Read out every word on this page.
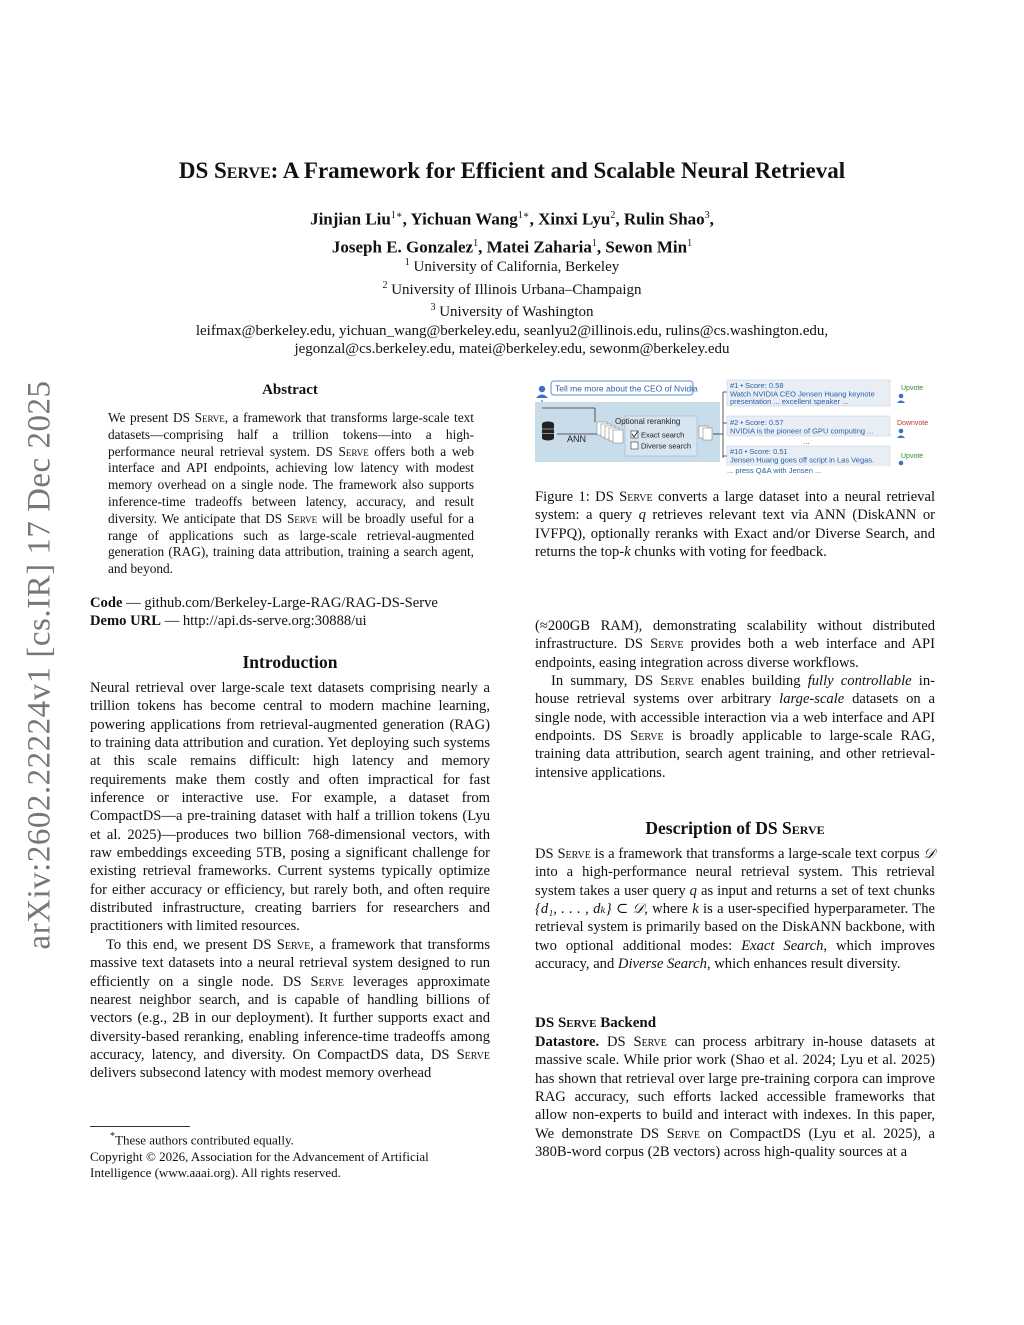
arXiv:2602.22224v1 [cs.IR] 17 Dec 2025
DS Serve: A Framework for Efficient and Scalable Neural Retrieval
Jinjian Liu$^{1∗}$, Yichuan Wang$^{1∗}$, Xinxi Lyu$^2$, Rulin Shao$^3$,
Joseph E. Gonzalez$^1$, Matei Zaharia$^1$, Sewon Min$^1$
$^1$ University of California, Berkeley
$^2$ University of Illinois Urbana–Champaign
$^3$ University of Washington
leifmax@berkeley.edu, yichuan_wang@berkeley.edu, seanlyu2@illinois.edu, rulins@cs.washington.edu,
jegonzal@cs.berkeley.edu, matei@berkeley.edu, sewonm@berkeley.edu
Abstract
We present DS Serve, a framework that transforms large-scale text datasets—comprising half a trillion tokens—into a high-performance neural retrieval system. DS Serve offers both a web interface and API endpoints, achieving low latency with modest memory overhead on a single node. The framework also supports inference-time tradeoffs between latency, accuracy, and result diversity. We anticipate that DS Serve will be broadly useful for a range of applications such as large-scale retrieval-augmented generation (RAG), training data attribution, training a search agent, and beyond.
Code — github.com/Berkeley-Large-RAG/RAG-DS-Serve
Demo URL — http://api.ds-serve.org:30888/ui
Introduction

Neural retrieval over large-scale text datasets comprising nearly a trillion tokens has become central to modern machine learning, powering applications from retrieval-augmented generation (RAG) to training data attribution and curation. Yet deploying such systems at this scale remains difficult: high latency and memory requirements make them costly and often impractical for fast inference or interactive use. For example, a dataset from CompactDS—a pre-training dataset with half a trillion tokens (Lyu et al. 2025)—produces two billion 768-dimensional vectors, with raw embeddings exceeding 5TB, posing a significant challenge for existing retrieval frameworks. Current systems typically optimize for either accuracy or efficiency, but rarely both, and often require distributed infrastructure, creating barriers for researchers and practitioners with limited resources.

To this end, we present DS Serve, a framework that transforms massive text datasets into a neural retrieval system designed to run efficiently on a single node. DS Serve leverages approximate nearest neighbor search, and is capable of handling billions of vectors (e.g., 2B in our deployment). It further supports exact and diversity-based reranking, enabling inference-time tradeoffs among accuracy, latency, and diversity. On CompactDS data, DS Serve delivers subsecond latency with modest memory overhead

*These authors contributed equally.
Copyright © 2026, Association for the Advancement of Artificial Intelligence (www.aaai.org). All rights reserved.
Tell me more about the CEO of Nvidia
ANN
Optional reranking
Exact search
Diverse search
#1 • Score: 0.58
Watch NVIDIA CEO Jensen Huang keynote
presentation ... excellent speaker ...
#2 • Score: 0.57
NVIDIA is the pioneer of GPU computing ...
...
#10 • Score: 0.51
Jensen Huang goes off script in Las Vegas.
Upvote
Downvote
Upvote
... press Q&A with Jensen ...
Figure 1: DS Serve converts a large dataset into a neural retrieval system: a query q retrieves relevant text via ANN (DiskANN or IVFPQ), optionally reranks with Exact and/or Diverse Search, and returns the top-k chunks with voting for feedback.

(≈200GB RAM), demonstrating scalability without distributed infrastructure. DS Serve provides both a web interface and API endpoints, easing integration across diverse workflows.

In summary, DS Serve enables building fully controllable in-house retrieval systems over arbitrary large-scale datasets on a single node, with accessible interaction via a web interface and API endpoints. DS Serve is broadly applicable to large-scale RAG, training data attribution, search agent training, and other retrieval-intensive applications.

Description of DS Serve

DS Serve is a framework that transforms a large-scale text corpus 𝒟 into a high-performance neural retrieval system. This retrieval system takes a user query q as input and returns a set of text chunks {d₁, . . . , dₖ} ⊂ 𝒟, where k is a user-specified hyperparameter. The retrieval system is primarily based on the DiskANN backbone, with two optional additional modes: Exact Search, which improves accuracy, and Diverse Search, which enhances result diversity.

DS Serve Backend

Datastore. DS Serve can process arbitrary in-house datasets at massive scale. While prior work (Shao et al. 2024; Lyu et al. 2025) has shown that retrieval over large pre-training corpora can improve RAG accuracy, such efforts lacked accessible frameworks that allow non-experts to build and interact with indexes. In this paper, We demonstrate DS Serve on CompactDS (Lyu et al. 2025), a 380B-word corpus (2B vectors) across high-quality sources at a
